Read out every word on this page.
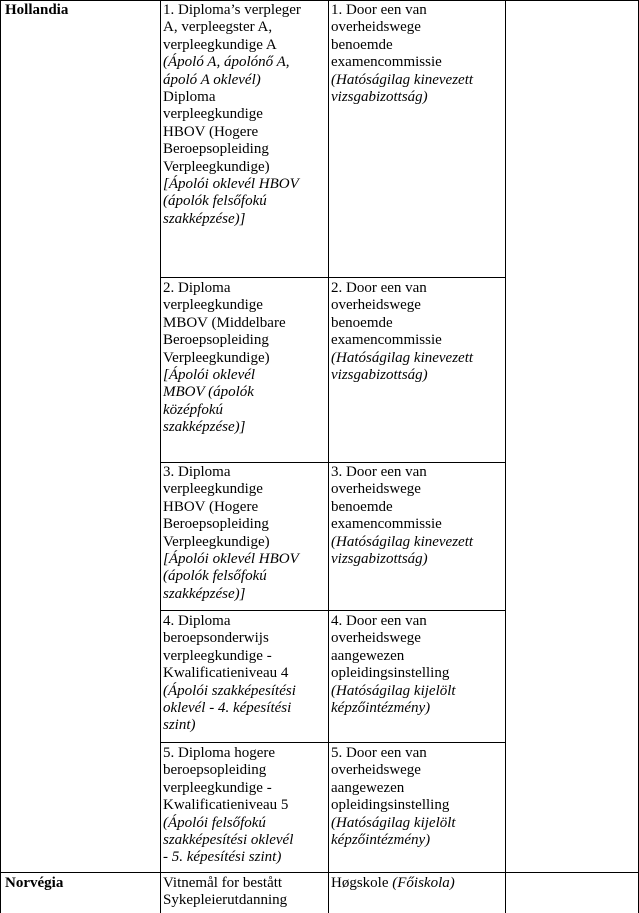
Hollandia
Norvégia
1. Diploma’s verpleger
A, verpleegster A,
verpleegkundige A
(Ápoló A, ápolónő A,
ápoló A oklevél)
Diploma
verpleegkundige
HBOV (Hogere
Beroepsopleiding
Verpleegkundige)
[Ápolói oklevél HBOV
(ápolók felsőfokú
szakképzése)]
1. Door een van
overheidswege
benoemde
examencommissie
(Hatóságilag kinevezett
vizsgabizottság)
2. Diploma
verpleegkundige
MBOV (Middelbare
Beroepsopleiding
Verpleegkundige)
[Ápolói oklevél
MBOV (ápolók
középfokú
szakképzése)]
2. Door een van
overheidswege
benoemde
examencommissie
(Hatóságilag kinevezett
vizsgabizottság)
3. Diploma
verpleegkundige
HBOV (Hogere
Beroepsopleiding
Verpleegkundige)
[Ápolói oklevél HBOV
(ápolók felsőfokú
szakképzése)]
3. Door een van
overheidswege
benoemde
examencommissie
(Hatóságilag kinevezett
vizsgabizottság)
4. Diploma
beroepsonderwijs
verpleegkundige -
Kwalificatieniveau 4
(Ápolói szakképesítési
oklevél - 4. képesítési
szint)
4. Door een van
overheidswege
aangewezen
opleidingsinstelling
(Hatóságilag kijelölt
képzőintézmény)
5. Diploma hogere
beroepsopleiding
verpleegkundige -
Kwalificatieniveau 5
(Ápolói felsőfokú
szakképesítési oklevél
- 5. képesítési szint)
5. Door een van
overheidswege
aangewezen
opleidingsinstelling
(Hatóságilag kijelölt
képzőintézmény)
Vitnemål for bestått
Sykepleierutdanning
Høgskole (Főiskola)
